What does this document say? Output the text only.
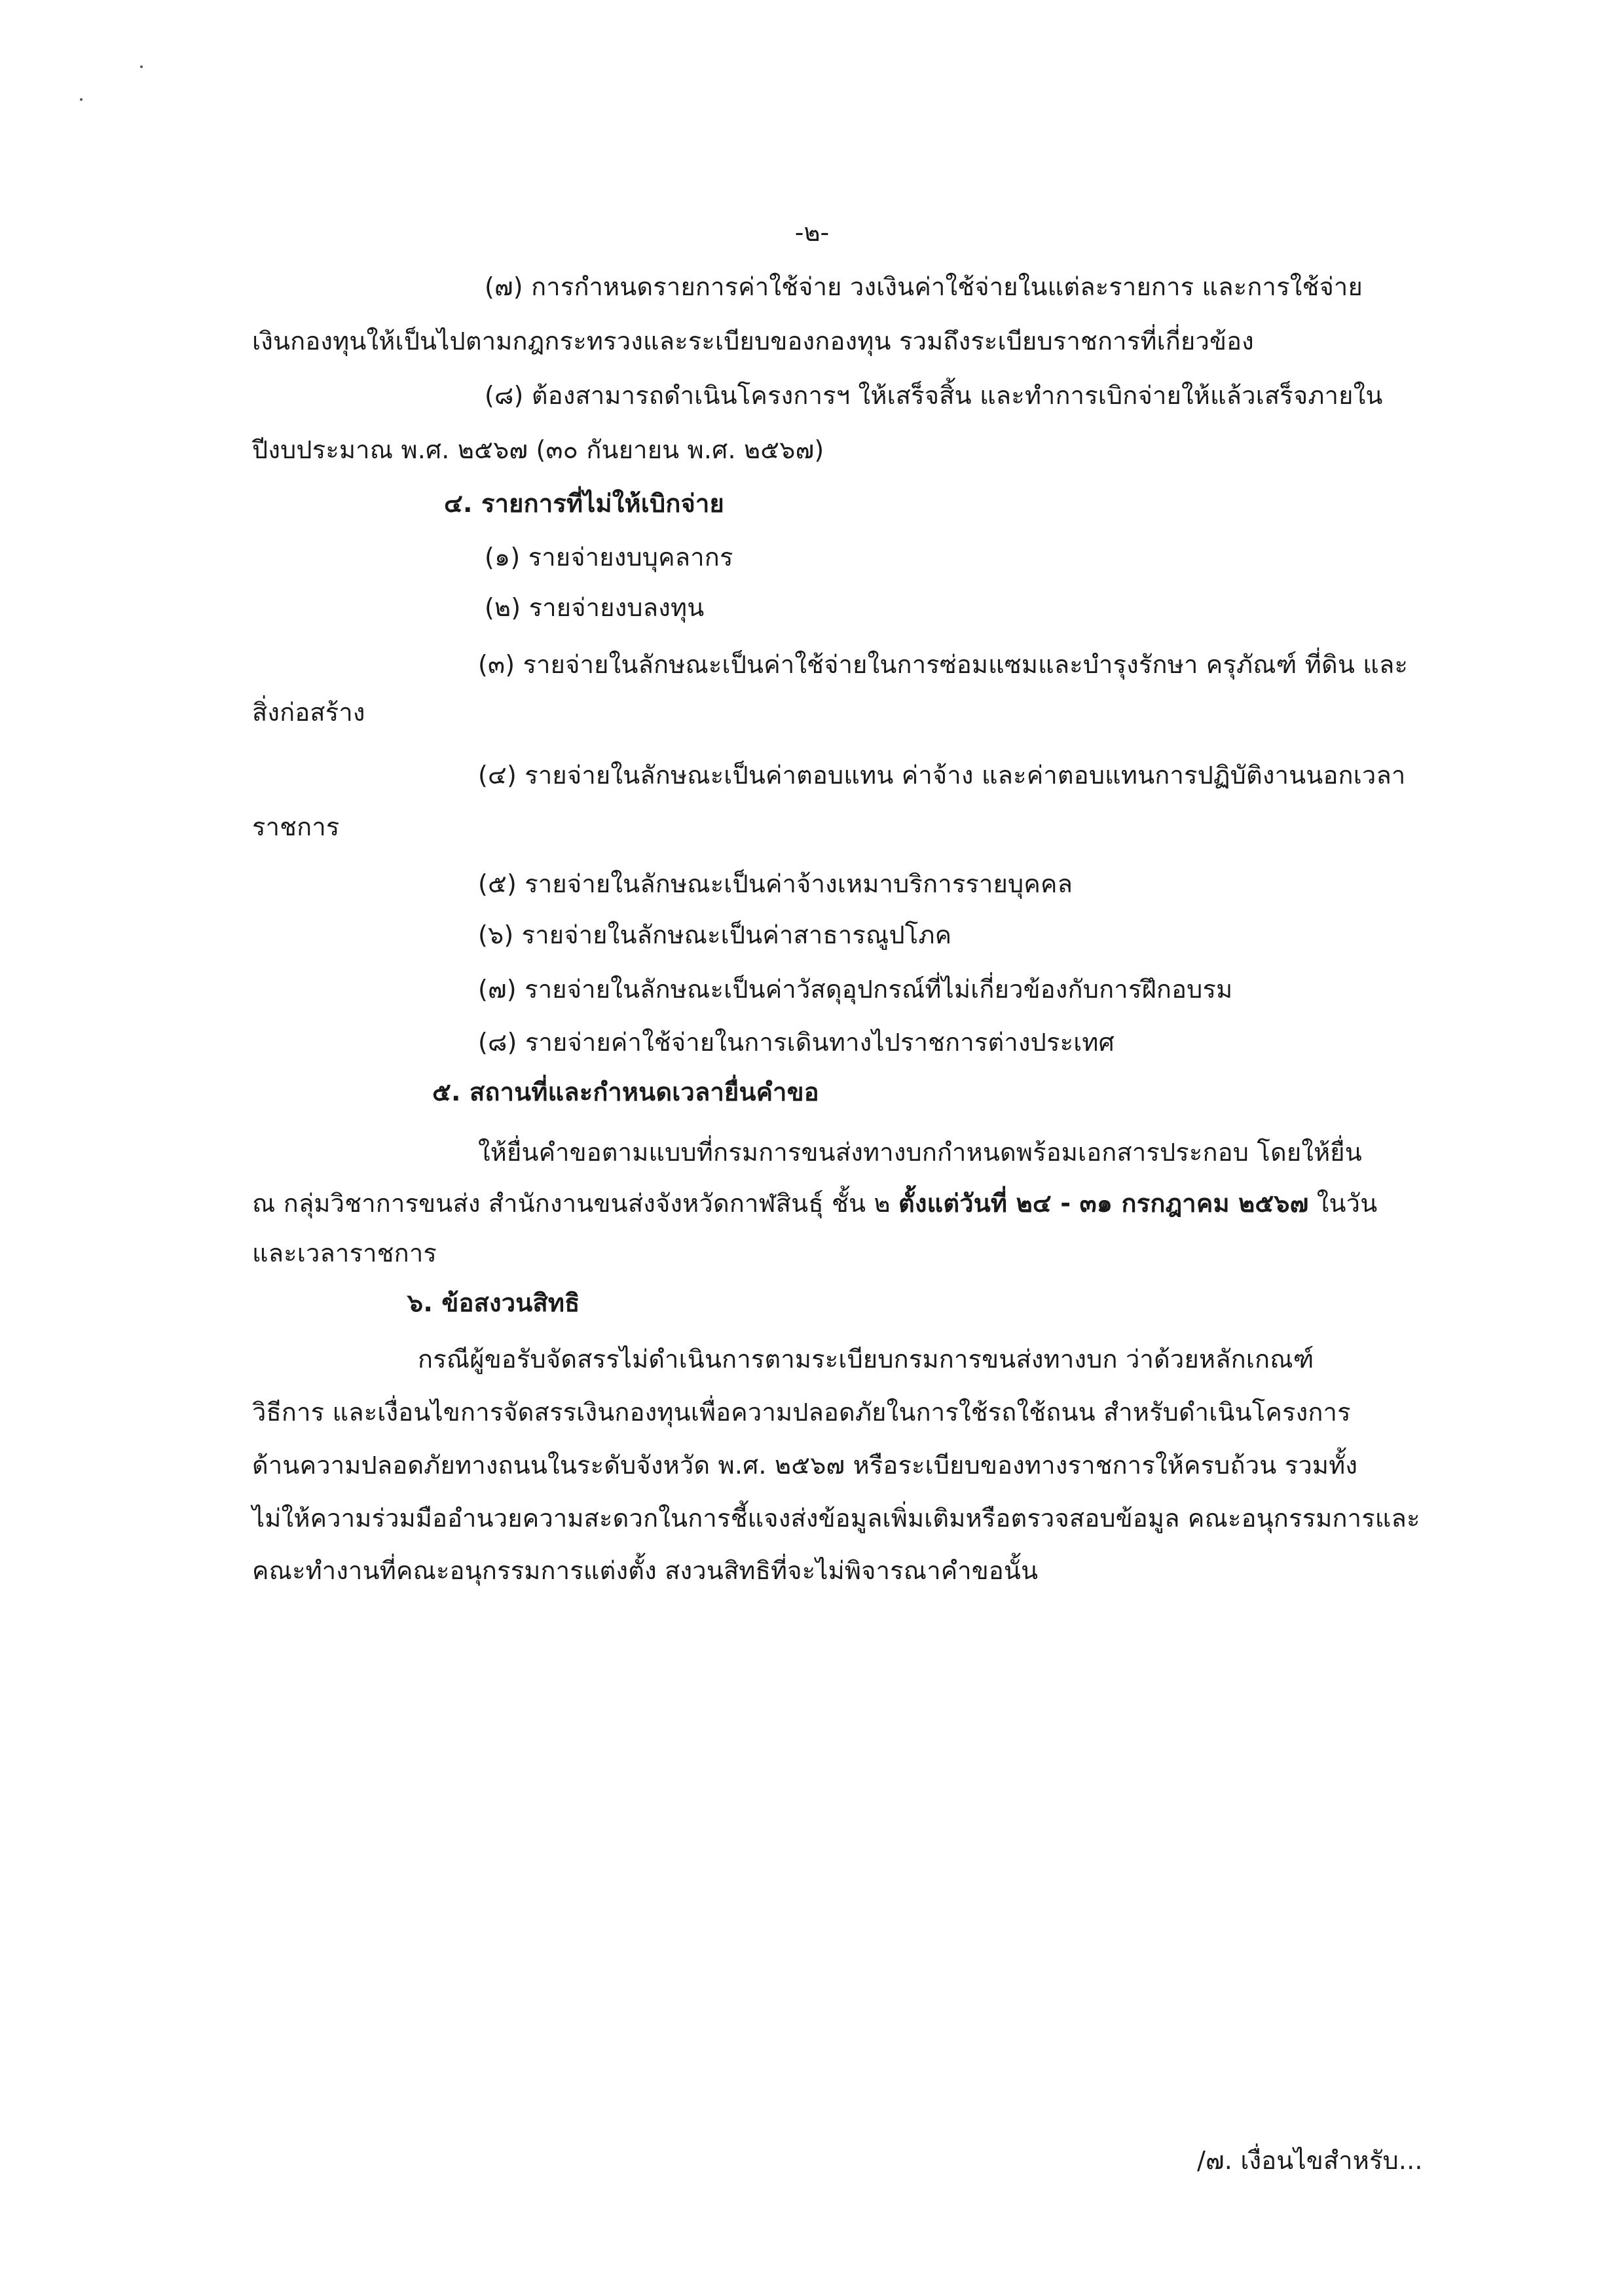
-๒-
(๗) การกำหนดรายการค่าใช้จ่าย วงเงินค่าใช้จ่ายในแต่ละรายการ และการใช้จ่าย
เงินกองทุนให้เป็นไปตามกฎกระทรวงและระเบียบของกองทุน รวมถึงระเบียบราชการที่เกี่ยวข้อง
(๘) ต้องสามารถดำเนินโครงการฯ ให้เสร็จสิ้น และทำการเบิกจ่ายให้แล้วเสร็จภายใน
ปีงบประมาณ พ.ศ. ๒๕๖๗ (๓๐ กันยายน พ.ศ. ๒๕๖๗)
๔. รายการที่ไม่ให้เบิกจ่าย
(๑) รายจ่ายงบบุคลากร
(๒) รายจ่ายงบลงทุน
(๓) รายจ่ายในลักษณะเป็นค่าใช้จ่ายในการซ่อมแซมและบำรุงรักษา ครุภัณฑ์ ที่ดิน และ
สิ่งก่อสร้าง
(๔) รายจ่ายในลักษณะเป็นค่าตอบแทน ค่าจ้าง และค่าตอบแทนการปฏิบัติงานนอกเวลา
ราชการ
(๕) รายจ่ายในลักษณะเป็นค่าจ้างเหมาบริการรายบุคคล
(๖) รายจ่ายในลักษณะเป็นค่าสาธารณูปโภค
(๗) รายจ่ายในลักษณะเป็นค่าวัสดุอุปกรณ์ที่ไม่เกี่ยวข้องกับการฝึกอบรม
(๘) รายจ่ายค่าใช้จ่ายในการเดินทางไปราชการต่างประเทศ
๕. สถานที่และกำหนดเวลายื่นคำขอ
ให้ยื่นคำขอตามแบบที่กรมการขนส่งทางบกกำหนดพร้อมเอกสารประกอบ โดยให้ยื่น
ณ กลุ่มวิชาการขนส่ง สำนักงานขนส่งจังหวัดกาฬสินธุ์ ชั้น ๒ ตั้งแต่วันที่ ๒๔ - ๓๑ กรกฎาคม ๒๕๖๗ ในวัน
และเวลาราชการ
๖. ข้อสงวนสิทธิ
กรณีผู้ขอรับจัดสรรไม่ดำเนินการตามระเบียบกรมการขนส่งทางบก ว่าด้วยหลักเกณฑ์
วิธีการ และเงื่อนไขการจัดสรรเงินกองทุนเพื่อความปลอดภัยในการใช้รถใช้ถนน สำหรับดำเนินโครงการ
ด้านความปลอดภัยทางถนนในระดับจังหวัด พ.ศ. ๒๕๖๗ หรือระเบียบของทางราชการให้ครบถ้วน รวมทั้ง
ไม่ให้ความร่วมมืออำนวยความสะดวกในการชี้แจงส่งข้อมูลเพิ่มเติมหรือตรวจสอบข้อมูล คณะอนุกรรมการและ
คณะทำงานที่คณะอนุกรรมการแต่งตั้ง สงวนสิทธิที่จะไม่พิจารณาคำขอนั้น
/๗. เงื่อนไขสำหรับ...
